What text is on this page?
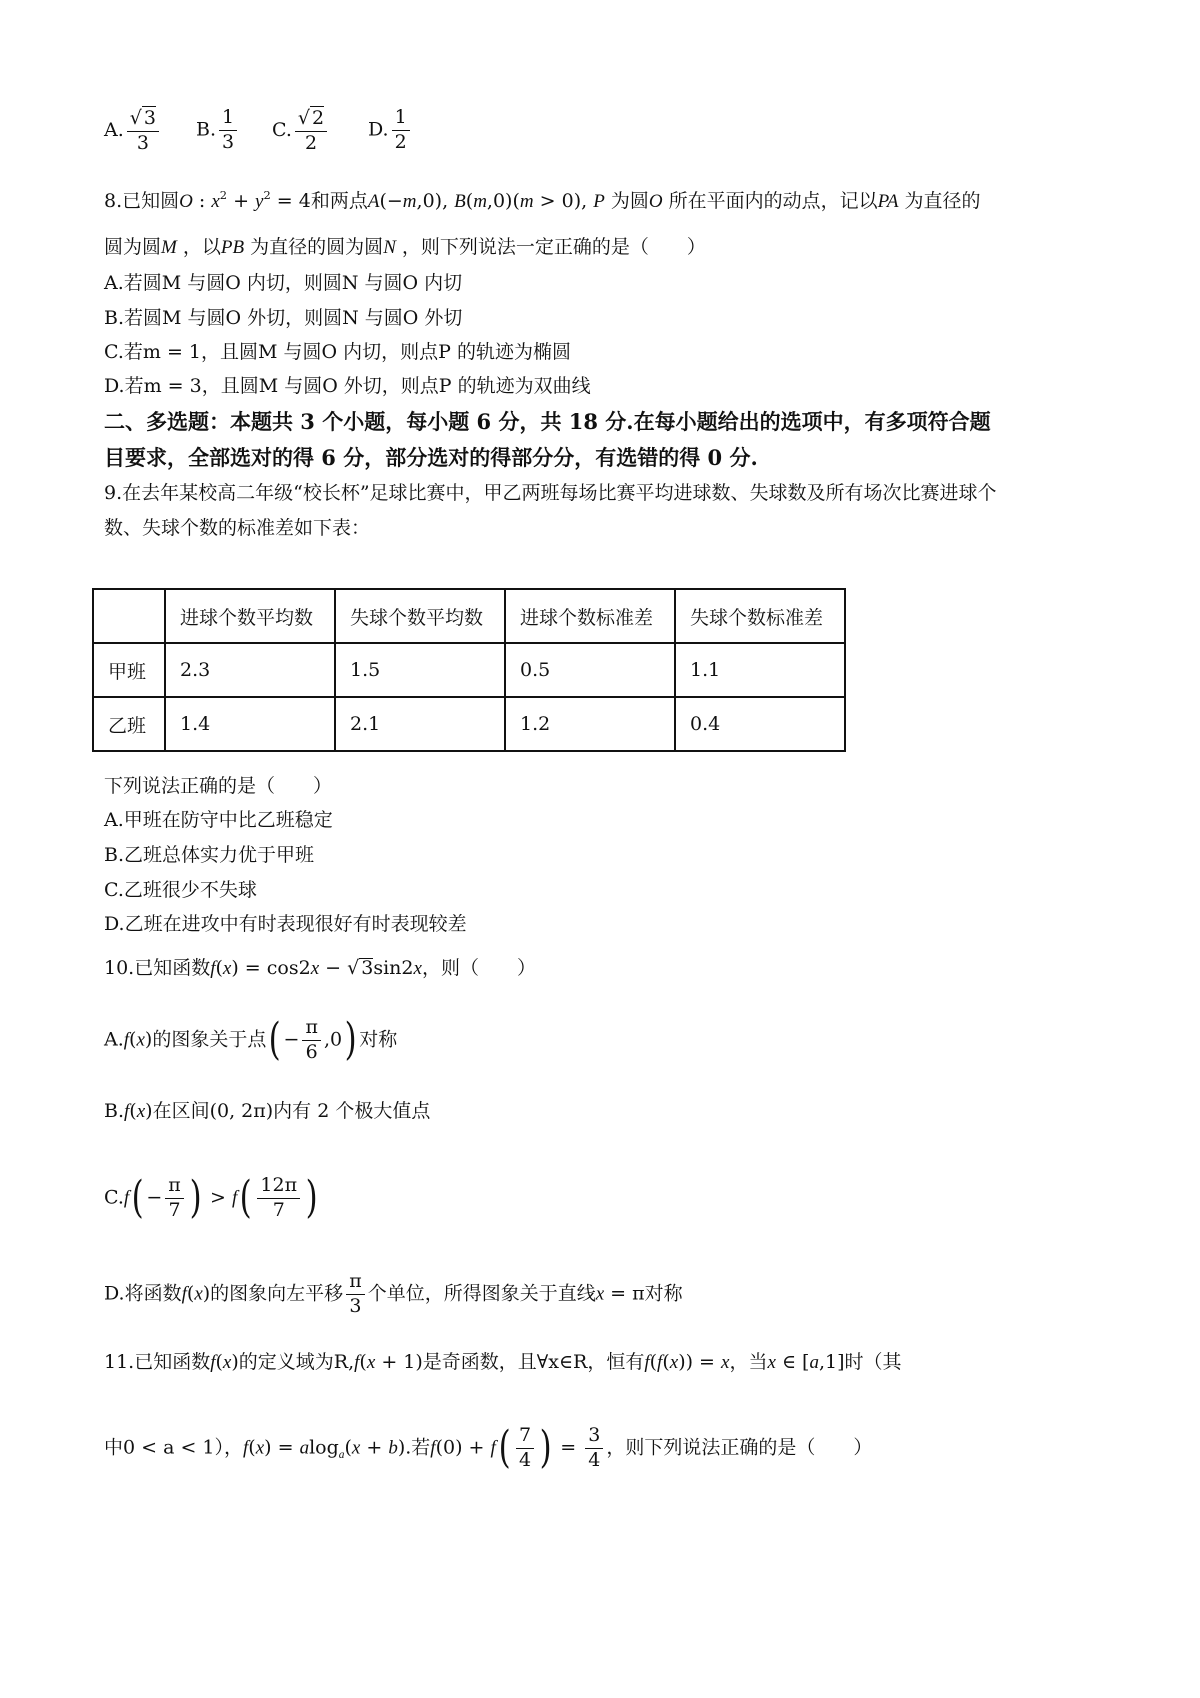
A. $\frac{√ 3}{3} B$. $\frac{1}{3} C$. $\frac{√ 2}{2} D$. $\frac{1}{2}$
8.已知圆O : $x^2 + y^2 = 4$和两点A(−m,0), B(m,0)(m > 0), P 为圆O 所在平面内的动点，记以PA 为直径的
圆为圆M ，以PB 为直径的圆为圆N ，则下列说法一定正确的是（　　）
A.若圆M 与圆O 内切，则圆N 与圆O 内切
B.若圆M 与圆O 外切，则圆N 与圆O 外切
C.若m = 1，且圆M 与圆O 内切，则点P 的轨迹为椭圆
D.若m = 3，且圆M 与圆O 外切，则点P 的轨迹为双曲线
二、多选题：本题共 3 个小题，每小题 6 分，共 18 分.在每小题给出的选项中，有多项符合题
目要求，全部选对的得 6 分，部分选对的得部分分，有选错的得 0 分.
9.在去年某校高二年级“校长杯”足球比赛中，甲乙两班每场比赛平均进球数、失球数及所有场次比赛进球个
数、失球个数的标准差如下表：
	进球个数平均数	失球个数平均数	进球个数标准差	失球个数标准差
甲班	2.3	1.5	0.5	1.1
乙班	1.4	2.1	1.2	0.4
下列说法正确的是（　　）
A.甲班在防守中比乙班稳定
B.乙班总体实力优于甲班
C.乙班很少不失球
D.乙班在进攻中有时表现很好有时表现较差
10.已知函数f(x) = cos2x − √ 3sin2x，则（　　）
A.f(x)的图象关于点( − $\frac{\pi}{6} ,0$) 对称
B.f(x)在区间(0, 2π)内有 2 个极大值点
$C.f( - \frac{\pi}{7}$ ) > $f( \frac{12\pi}{7}$ )
D.将函数f(x)的图象向左平移 $\frac{\pi}{3}$ 个单位，所得图象关于直线x = π对称
11.已知函数f(x)的定义域为R,f(x + 1)是奇函数，且∀x∈R，恒有f(f(x)) = x，当x ∈ [a,1]时（其
中0 < a < 1），f(x) = alog$_a$(x + b).若$f(0) + f( \frac{7}{4}$ ) = $\frac{3}{4}$ ，则下列说法正确的是（　　）
